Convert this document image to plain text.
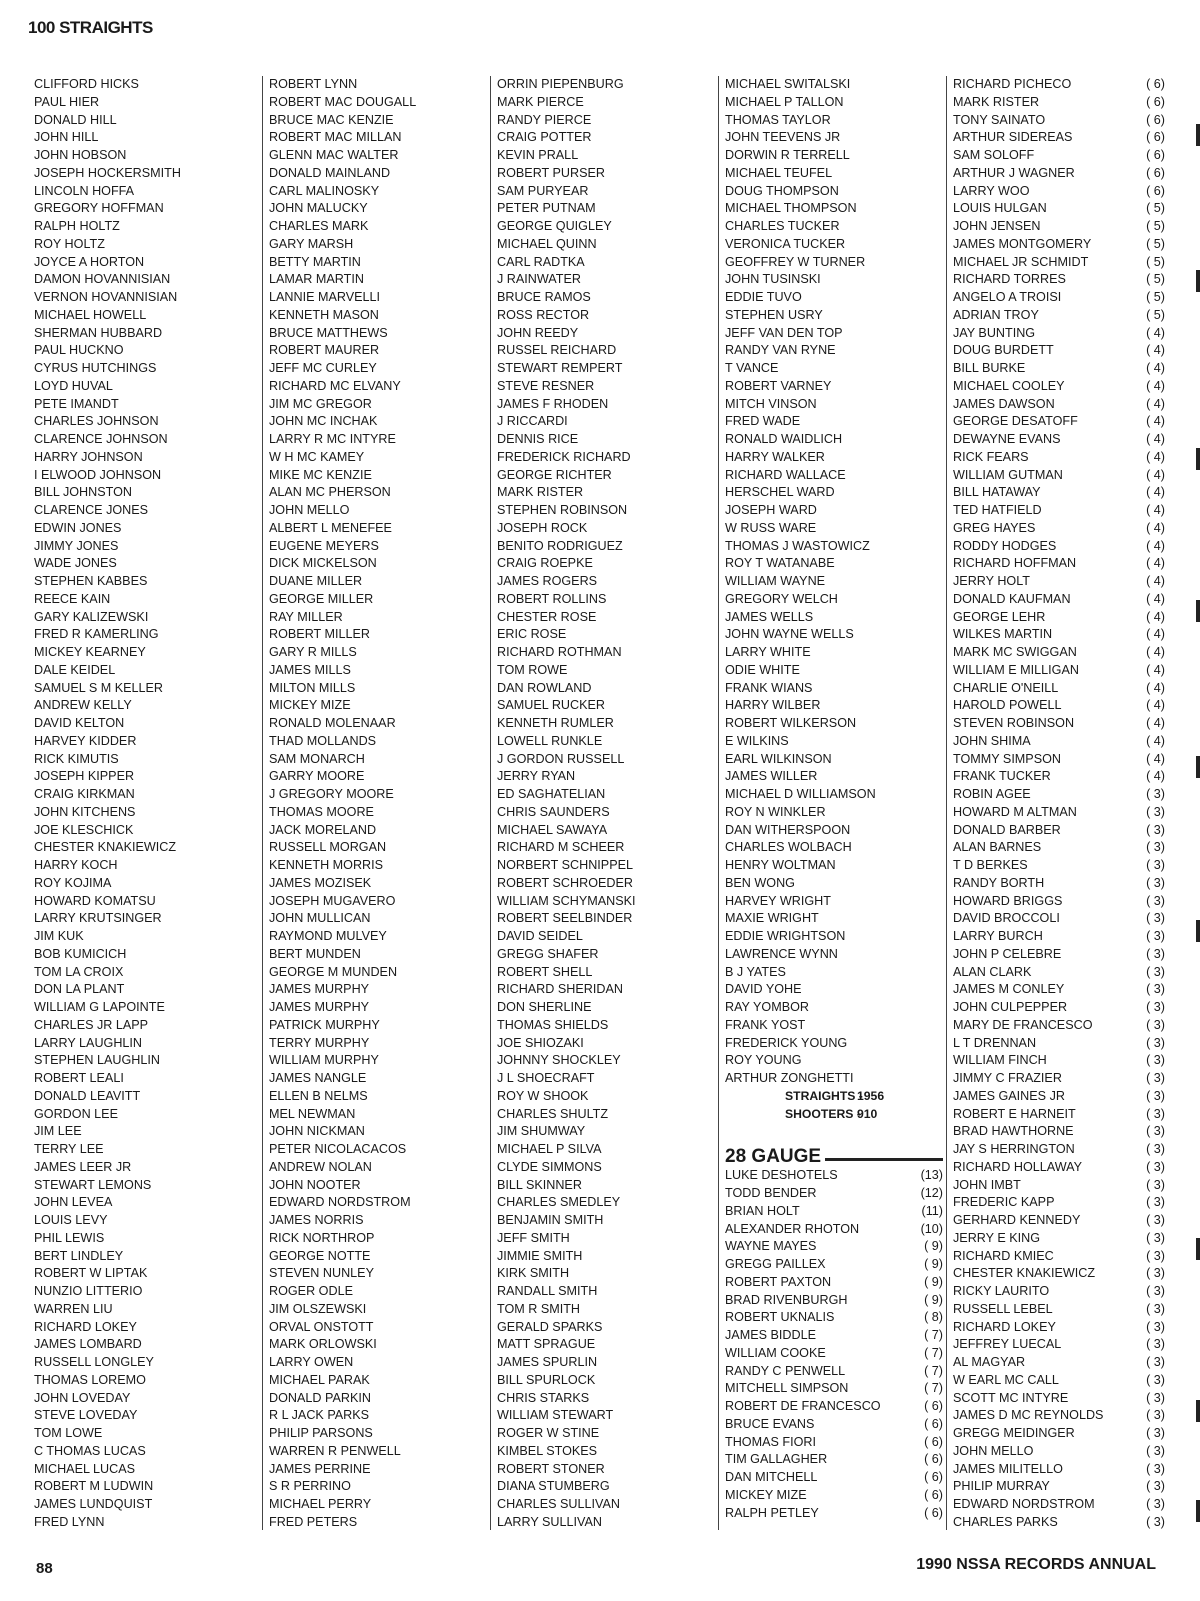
100 STRAIGHTS
CLIFFORD HICKS
PAUL HIER
DONALD HILL
JOHN HILL
JOHN HOBSON
JOSEPH HOCKERSMITH
LINCOLN HOFFA
GREGORY HOFFMAN
RALPH HOLTZ
ROY HOLTZ
JOYCE A HORTON
DAMON HOVANNISIAN
VERNON HOVANNISIAN
MICHAEL HOWELL
SHERMAN HUBBARD
PAUL HUCKNO
CYRUS HUTCHINGS
LOYD HUVAL
PETE IMANDT
CHARLES JOHNSON
CLARENCE JOHNSON
HARRY JOHNSON
I ELWOOD JOHNSON
BILL JOHNSTON
CLARENCE JONES
EDWIN JONES
JIMMY JONES
WADE JONES
STEPHEN KABBES
REECE KAIN
GARY KALIZEWSKI
FRED R KAMERLING
MICKEY KEARNEY
DALE KEIDEL
SAMUEL S M KELLER
ANDREW KELLY
DAVID KELTON
HARVEY KIDDER
RICK KIMUTIS
JOSEPH KIPPER
CRAIG KIRKMAN
JOHN KITCHENS
JOE KLESCHICK
CHESTER KNAKIEWICZ
HARRY KOCH
ROY KOJIMA
HOWARD KOMATSU
LARRY KRUTSINGER
JIM KUK
BOB KUMICICH
TOM LA CROIX
DON LA PLANT
WILLIAM G LAPOINTE
CHARLES JR LAPP
LARRY LAUGHLIN
STEPHEN LAUGHLIN
ROBERT LEALI
DONALD LEAVITT
GORDON LEE
JIM LEE
TERRY LEE
JAMES LEER JR
STEWART LEMONS
JOHN LEVEA
LOUIS LEVY
PHIL LEWIS
BERT LINDLEY
ROBERT W LIPTAK
NUNZIO LITTERIO
WARREN LIU
RICHARD LOKEY
JAMES LOMBARD
RUSSELL LONGLEY
THOMAS LOREMO
JOHN LOVEDAY
STEVE LOVEDAY
TOM LOWE
C THOMAS LUCAS
MICHAEL LUCAS
ROBERT M LUDWIN
JAMES LUNDQUIST
FRED LYNN
ROBERT LYNN
ROBERT MAC DOUGALL
BRUCE MAC KENZIE
ROBERT MAC MILLAN
GLENN MAC WALTER
DONALD MAINLAND
CARL MALINOSKY
JOHN MALUCKY
CHARLES MARK
GARY MARSH
BETTY MARTIN
LAMAR MARTIN
LANNIE MARVELLI
KENNETH MASON
BRUCE MATTHEWS
ROBERT MAURER
JEFF MC CURLEY
RICHARD MC ELVANY
JIM MC GREGOR
JOHN MC INCHAK
LARRY R MC INTYRE
W H MC KAMEY
MIKE MC KENZIE
ALAN MC PHERSON
JOHN MELLO
ALBERT L MENEFEE
EUGENE MEYERS
DICK MICKELSON
DUANE MILLER
GEORGE MILLER
RAY MILLER
ROBERT MILLER
GARY R MILLS
JAMES MILLS
MILTON MILLS
MICKEY MIZE
RONALD MOLENAAR
THAD MOLLANDS
SAM MONARCH
GARRY MOORE
J GREGORY MOORE
THOMAS MOORE
JACK MORELAND
RUSSELL MORGAN
KENNETH MORRIS
JAMES MOZISEK
JOSEPH MUGAVERO
JOHN MULLICAN
RAYMOND MULVEY
BERT MUNDEN
GEORGE M MUNDEN
JAMES MURPHY
JAMES MURPHY
PATRICK MURPHY
TERRY MURPHY
WILLIAM MURPHY
JAMES NANGLE
ELLEN B NELMS
MEL NEWMAN
JOHN NICKMAN
PETER NICOLACACOS
ANDREW NOLAN
JOHN NOOTER
EDWARD NORDSTROM
JAMES NORRIS
RICK NORTHROP
GEORGE NOTTE
STEVEN NUNLEY
ROGER ODLE
JIM OLSZEWSKI
ORVAL ONSTOTT
MARK ORLOWSKI
LARRY OWEN
MICHAEL PARAK
DONALD PARKIN
R L JACK PARKS
PHILIP PARSONS
WARREN R PENWELL
JAMES PERRINE
S R PERRINO
MICHAEL PERRY
FRED PETERS
ORRIN PIEPENBURG
MARK PIERCE
RANDY PIERCE
CRAIG POTTER
KEVIN PRALL
ROBERT PURSER
SAM PURYEAR
PETER PUTNAM
GEORGE QUIGLEY
MICHAEL QUINN
CARL RADTKA
J RAINWATER
BRUCE RAMOS
ROSS RECTOR
JOHN REEDY
RUSSEL REICHARD
STEWART REMPERT
STEVE RESNER
JAMES F RHODEN
J RICCARDI
DENNIS RICE
FREDERICK RICHARD
GEORGE RICHTER
MARK RISTER
STEPHEN ROBINSON
JOSEPH ROCK
BENITO RODRIGUEZ
CRAIG ROEPKE
JAMES ROGERS
ROBERT ROLLINS
CHESTER ROSE
ERIC ROSE
RICHARD ROTHMAN
TOM ROWE
DAN ROWLAND
SAMUEL RUCKER
KENNETH RUMLER
LOWELL RUNKLE
J GORDON RUSSELL
JERRY RYAN
ED SAGHATELIAN
CHRIS SAUNDERS
MICHAEL SAWAYA
RICHARD M SCHEER
NORBERT SCHNIPPEL
ROBERT SCHROEDER
WILLIAM SCHYMANSKI
ROBERT SEELBINDER
DAVID SEIDEL
GREGG SHAFER
ROBERT SHELL
RICHARD SHERIDAN
DON SHERLINE
THOMAS SHIELDS
JOE SHIOZAKI
JOHNNY SHOCKLEY
J L SHOECRAFT
ROY W SHOOK
CHARLES SHULTZ
JIM SHUMWAY
MICHAEL P SILVA
CLYDE SIMMONS
BILL SKINNER
CHARLES SMEDLEY
BENJAMIN SMITH
JEFF SMITH
JIMMIE SMITH
KIRK SMITH
RANDALL SMITH
TOM R SMITH
GERALD SPARKS
MATT SPRAGUE
JAMES SPURLIN
BILL SPURLOCK
CHRIS STARKS
WILLIAM STEWART
ROGER W STINE
KIMBEL STOKES
ROBERT STONER
DIANA STUMBERG
CHARLES SULLIVAN
LARRY SULLIVAN
MICHAEL SWITALSKI
MICHAEL P TALLON
THOMAS TAYLOR
JOHN TEEVENS JR
DORWIN R TERRELL
MICHAEL TEUFEL
DOUG THOMPSON
MICHAEL THOMPSON
CHARLES TUCKER
VERONICA TUCKER
GEOFFREY W TURNER
JOHN TUSINSKI
EDDIE TUVO
STEPHEN USRY
JEFF VAN DEN TOP
RANDY VAN RYNE
T VANCE
ROBERT VARNEY
MITCH VINSON
FRED WADE
RONALD WAIDLICH
HARRY WALKER
RICHARD WALLACE
HERSCHEL WARD
JOSEPH WARD
W RUSS WARE
THOMAS J WASTOWICZ
ROY T WATANABE
WILLIAM WAYNE
GREGORY WELCH
JAMES WELLS
JOHN WAYNE WELLS
LARRY WHITE
ODIE WHITE
FRANK WIANS
HARRY WILBER
ROBERT WILKERSON
E WILKINS
EARL WILKINSON
JAMES WILLER
MICHAEL D WILLIAMSON
ROY N WINKLER
DAN WITHERSPOON
CHARLES WOLBACH
HENRY WOLTMAN
BEN WONG
HARVEY WRIGHT
MAXIE WRIGHT
EDDIE WRIGHTSON
LAWRENCE WYNN
B J YATES
DAVID YOHE
RAY YOMBOR
FRANK YOST
FREDERICK YOUNG
ROY YOUNG
ARTHUR ZONGHETTI
STRAIGHTS -
1956
SHOOTERS -
910
28 GAUGE
LUKE DESHOTELS	(13)
TODD BENDER	(12)
BRIAN HOLT	(11)
ALEXANDER RHOTON	(10)
WAYNE MAYES	( 9)
GREGG PAILLEX	( 9)
ROBERT PAXTON	( 9)
BRAD RIVENBURGH	( 9)
ROBERT UKNALIS	( 8)
JAMES BIDDLE	( 7)
WILLIAM COOKE	( 7)
RANDY C PENWELL	( 7)
MITCHELL SIMPSON	( 7)
ROBERT DE FRANCESCO	( 6)
BRUCE EVANS	( 6)
THOMAS FIORI	( 6)
TIM GALLAGHER	( 6)
DAN MITCHELL	( 6)
MICKEY MIZE	( 6)
RALPH PETLEY	( 6)
RICHARD PICHECO	( 6)
MARK RISTER	( 6)
TONY SAINATO	( 6)
ARTHUR SIDEREAS	( 6)
SAM SOLOFF	( 6)
ARTHUR J WAGNER	( 6)
LARRY WOO	( 6)
LOUIS HULGAN	( 5)
JOHN JENSEN	( 5)
JAMES MONTGOMERY	( 5)
MICHAEL JR SCHMIDT	( 5)
RICHARD TORRES	( 5)
ANGELO A TROISI	( 5)
ADRIAN TROY	( 5)
JAY BUNTING	( 4)
DOUG BURDETT	( 4)
BILL BURKE	( 4)
MICHAEL COOLEY	( 4)
JAMES DAWSON	( 4)
GEORGE DESATOFF	( 4)
DEWAYNE EVANS	( 4)
RICK FEARS	( 4)
WILLIAM GUTMAN	( 4)
BILL HATAWAY	( 4)
TED HATFIELD	( 4)
GREG HAYES	( 4)
RODDY HODGES	( 4)
RICHARD HOFFMAN	( 4)
JERRY HOLT	( 4)
DONALD KAUFMAN	( 4)
GEORGE LEHR	( 4)
WILKES MARTIN	( 4)
MARK MC SWIGGAN	( 4)
WILLIAM E MILLIGAN	( 4)
CHARLIE O'NEILL	( 4)
HAROLD POWELL	( 4)
STEVEN ROBINSON	( 4)
JOHN SHIMA	( 4)
TOMMY SIMPSON	( 4)
FRANK TUCKER	( 4)
ROBIN AGEE	( 3)
HOWARD M ALTMAN	( 3)
DONALD BARBER	( 3)
ALAN BARNES	( 3)
T D BERKES	( 3)
RANDY BORTH	( 3)
HOWARD BRIGGS	( 3)
DAVID BROCCOLI	( 3)
LARRY BURCH	( 3)
JOHN P CELEBRE	( 3)
ALAN CLARK	( 3)
JAMES M CONLEY	( 3)
JOHN CULPEPPER	( 3)
MARY DE FRANCESCO	( 3)
L T DRENNAN	( 3)
WILLIAM FINCH	( 3)
JIMMY C FRAZIER	( 3)
JAMES GAINES JR	( 3)
ROBERT E HARNEIT	( 3)
BRAD HAWTHORNE	( 3)
JAY S HERRINGTON	( 3)
RICHARD HOLLAWAY	( 3)
JOHN IMBT	( 3)
FREDERIC KAPP	( 3)
GERHARD KENNEDY	( 3)
JERRY E KING	( 3)
RICHARD KMIEC	( 3)
CHESTER KNAKIEWICZ	( 3)
RICKY LAURITO	( 3)
RUSSELL LEBEL	( 3)
RICHARD LOKEY	( 3)
JEFFREY LUECAL	( 3)
AL MAGYAR	( 3)
W EARL MC CALL	( 3)
SCOTT MC INTYRE	( 3)
JAMES D MC REYNOLDS	( 3)
GREGG MEIDINGER	( 3)
JOHN MELLO	( 3)
JAMES MILITELLO	( 3)
PHILIP MURRAY	( 3)
EDWARD NORDSTROM	( 3)
CHARLES PARKS	( 3)
88	1990 NSSA RECORDS ANNUAL
